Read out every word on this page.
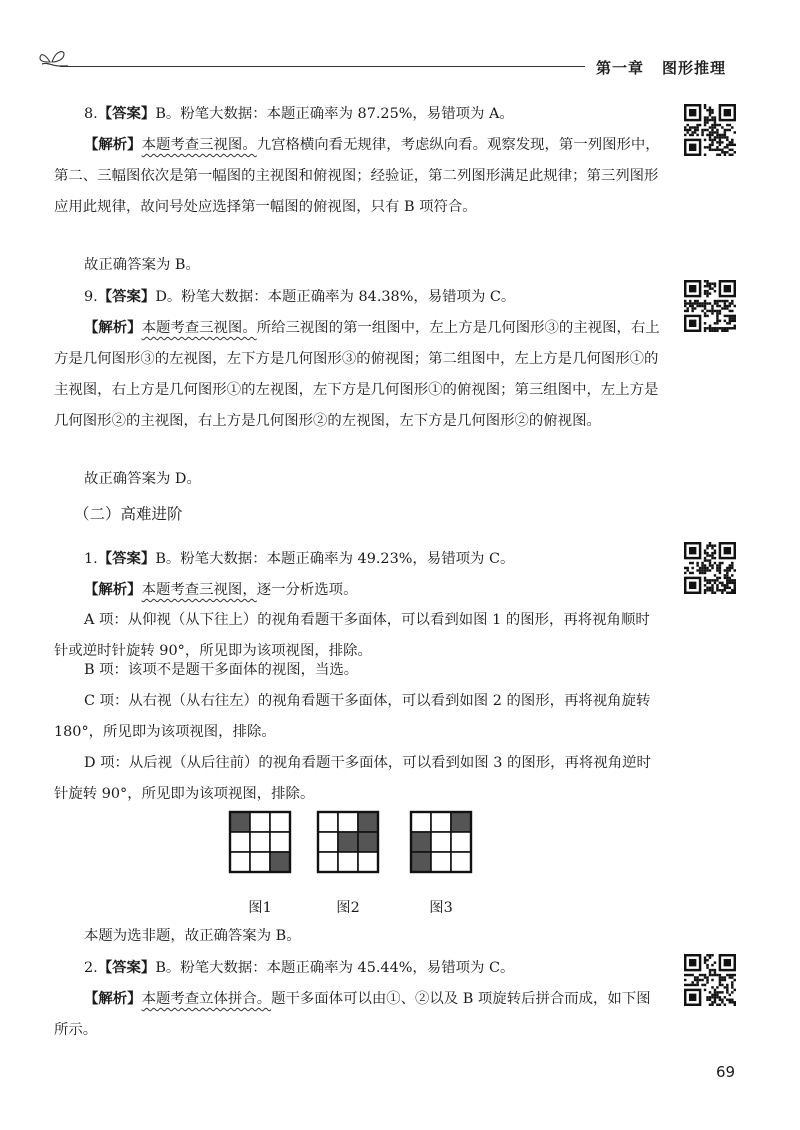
第一章 图形推理
8.【答案】B。粉笔大数据：本题正确率为 87.25%，易错项为 A。
【解析】本题考查三视图。九宫格横向看无规律，考虑纵向看。观察发现，第一列图形中，第二、三幅图依次是第一幅图的主视图和俯视图；经验证，第二列图形满足此规律；第三列图形应用此规律，故问号处应选择第一幅图的俯视图，只有 B 项符合。
故正确答案为 B。
9.【答案】D。粉笔大数据：本题正确率为 84.38%，易错项为 C。
【解析】本题考查三视图。所给三视图的第一组图中，左上方是几何图形③的主视图，右上方是几何图形③的左视图，左下方是几何图形③的俯视图；第二组图中，左上方是几何图形①的主视图，右上方是几何图形①的左视图，左下方是几何图形①的俯视图；第三组图中，左上方是几何图形②的主视图，右上方是几何图形②的左视图，左下方是几何图形②的俯视图。
故正确答案为 D。
（二）高难进阶
1.【答案】B。粉笔大数据：本题正确率为 49.23%，易错项为 C。
【解析】本题考查三视图，逐一分析选项。
A 项：从仰视（从下往上）的视角看题干多面体，可以看到如图 1 的图形，再将视角顺时针或逆时针旋转 90°，所见即为该项视图，排除。
B 项：该项不是题干多面体的视图，当选。
C 项：从右视（从右往左）的视角看题干多面体，可以看到如图 2 的图形，再将视角旋转 180°，所见即为该项视图，排除。
D 项：从后视（从后往前）的视角看题干多面体，可以看到如图 3 的图形，再将视角逆时针旋转 90°，所见即为该项视图，排除。
图1	图2	图3
本题为选非题，故正确答案为 B。
2.【答案】B。粉笔大数据：本题正确率为 45.44%，易错项为 C。
【解析】本题考查立体拼合。题干多面体可以由①、②以及 B 项旋转后拼合而成，如下图所示。
69
